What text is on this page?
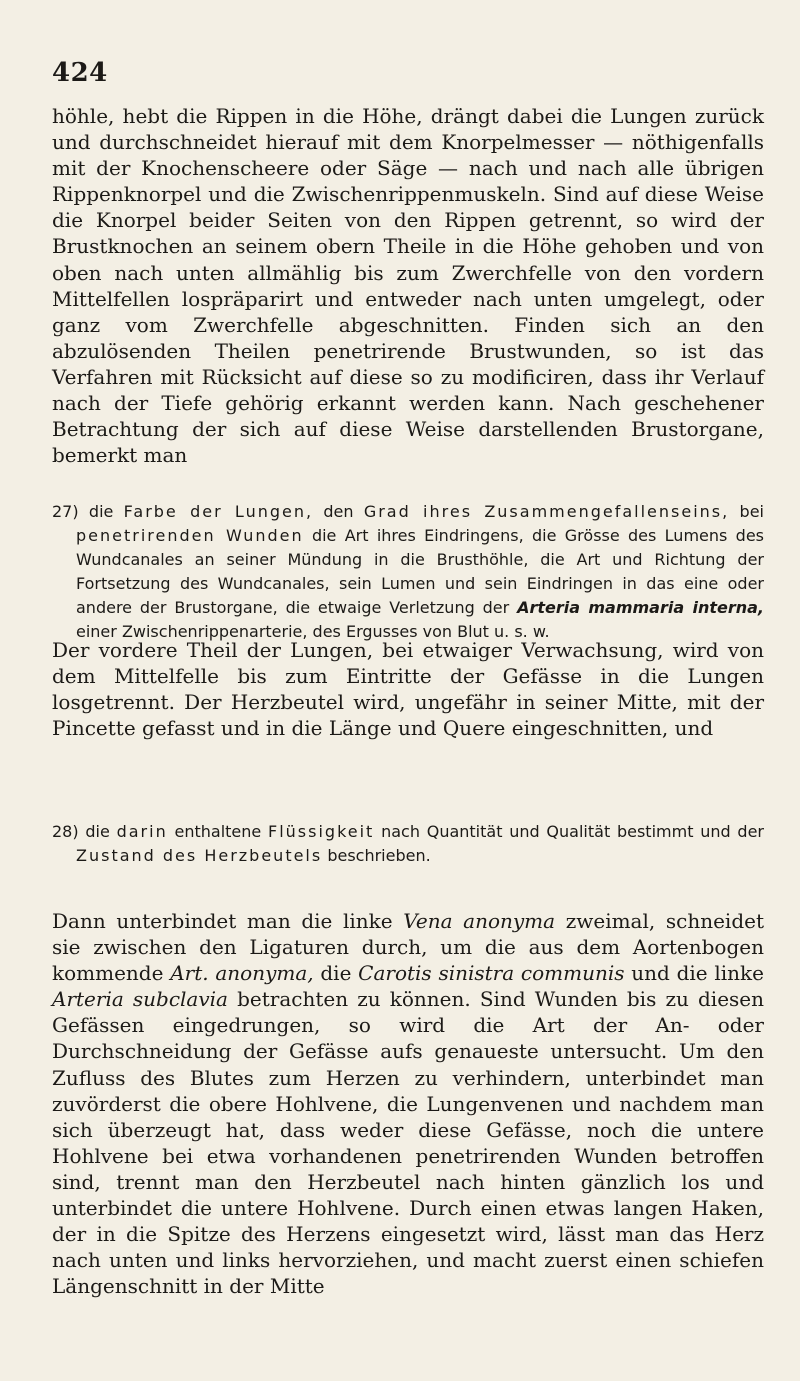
424

höhle, hebt die Rippen in die Höhe, drängt dabei die Lungen zurück und durchschneidet hierauf mit dem Knorpelmesser — nöthigenfalls mit der Knochenscheere oder Säge — nach und nach alle übrigen Rippenknorpel und die Zwischenrippenmuskeln. Sind auf diese Weise die Knorpel beider Seiten von den Rippen getrennt, so wird der Brustknochen an seinem obern Theile in die Höhe gehoben und von oben nach unten allmählig bis zum Zwerchfelle von den vordern Mittelfellen lospräparirt und entweder nach unten umgelegt, oder ganz vom Zwerchfelle abgeschnitten. Finden sich an den abzulösenden Theilen penetrirende Brustwunden, so ist das Verfahren mit Rücksicht auf diese so zu modificiren, dass ihr Verlauf nach der Tiefe gehörig erkannt werden kann. Nach geschehener Betrachtung der sich auf diese Weise darstellenden Brustorgane, bemerkt man

27) die Farbe der Lungen, den Grad ihres Zusammengefallenseins, bei penetrirenden Wunden die Art ihres Eindringens, die Grösse des Lumens des Wundcanales an seiner Mündung in die Brusthöhle, die Art und Richtung der Fortsetzung des Wundcanales, sein Lumen und sein Eindringen in das eine oder andere der Brustorgane, die etwaige Verletzung der Arteria mammaria interna, einer Zwischenrippenarterie, des Ergusses von Blut u. s. w.

Der vordere Theil der Lungen, bei etwaiger Verwachsung, wird von dem Mittelfelle bis zum Eintritte der Gefässe in die Lungen losgetrennt. Der Herzbeutel wird, ungefähr in seiner Mitte, mit der Pincette gefasst und in die Länge und Quere eingeschnitten, und

28) die darin enthaltene Flüssigkeit nach Quantität und Qualität bestimmt und der Zustand des Herzbeutels beschrieben.

Dann unterbindet man die linke Vena anonyma zweimal, schneidet sie zwischen den Ligaturen durch, um die aus dem Aortenbogen kommende Art. anonyma, die Carotis sinistra communis und die linke Arteria subclavia betrachten zu können. Sind Wunden bis zu diesen Gefässen eingedrungen, so wird die Art der An- oder Durchschneidung der Gefässe aufs genaueste untersucht. Um den Zufluss des Blutes zum Herzen zu verhindern, unterbindet man zuvörderst die obere Hohlvene, die Lungenvenen und nachdem man sich überzeugt hat, dass weder diese Gefässe, noch die untere Hohlvene bei etwa vorhandenen penetrirenden Wunden betroffen sind, trennt man den Herzbeutel nach hinten gänzlich los und unterbindet die untere Hohlvene. Durch einen etwas langen Haken, der in die Spitze des Herzens eingesetzt wird, lässt man das Herz nach unten und links hervorziehen, und macht zuerst einen schiefen Längenschnitt in der Mitte
